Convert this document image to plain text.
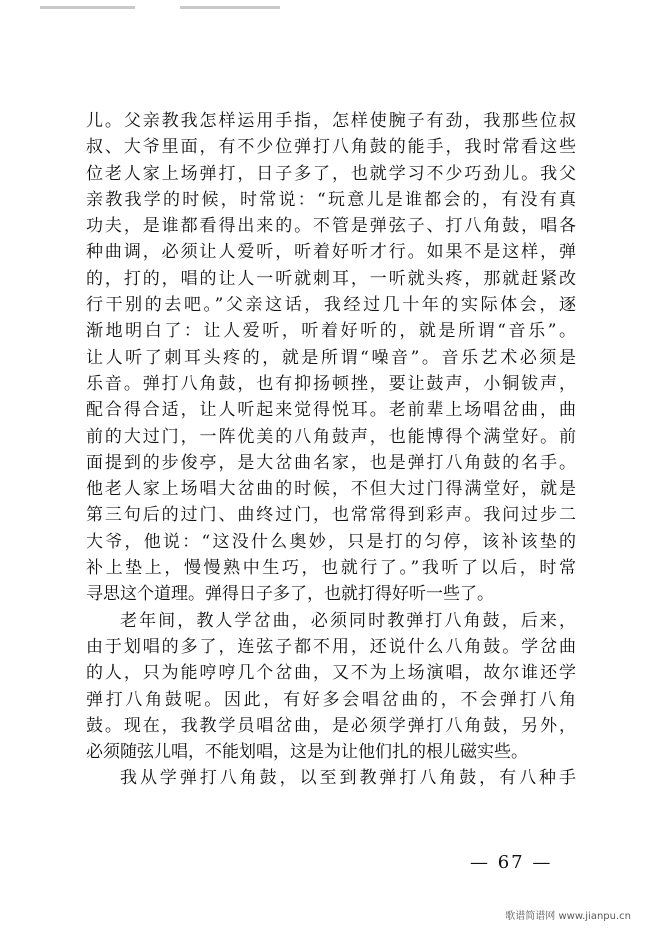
儿。父亲教我怎样运用手指，怎样使腕子有劲，我那些位叔
叔、大爷里面，有不少位弹打八角鼓的能手，我时常看这些
位老人家上场弹打，日子多了，也就学习不少巧劲儿。我父
亲教我学的时候，时常说：“玩意儿是谁都会的，有没有真
功夫，是谁都看得出来的。不管是弹弦子、打八角鼓，唱各
种曲调，必须让人爱听，听着好听才行。如果不是这样，弹
的，打的，唱的让人一听就刺耳，一听就头疼，那就赶紧改
行干别的去吧。”父亲这话，我经过几十年的实际体会，逐
渐地明白了：让人爱听，听着好听的，就是所谓“音乐”。
让人听了刺耳头疼的，就是所谓“噪音”。音乐艺术必须是
乐音。弹打八角鼓，也有抑扬顿挫，要让鼓声，小铜钹声，
配合得合适，让人听起来觉得悦耳。老前辈上场唱岔曲，曲
前的大过门，一阵优美的八角鼓声，也能博得个满堂好。前
面提到的步俊亭，是大岔曲名家，也是弹打八角鼓的名手。
他老人家上场唱大岔曲的时候，不但大过门得满堂好，就是
第三句后的过门、曲终过门，也常常得到彩声。我问过步二
大爷，他说：“这没什么奥妙，只是打的匀停，该补该垫的
补上垫上，慢慢熟中生巧，也就行了。”我听了以后，时常
寻思这个道理。弹得日子多了，也就打得好听一些了。
老年间，教人学岔曲，必须同时教弹打八角鼓，后来，
由于划唱的多了，连弦子都不用，还说什么八角鼓。学岔曲
的人，只为能哼哼几个岔曲，又不为上场演唱，故尔谁还学
弹打八角鼓呢。因此，有好多会唱岔曲的，不会弹打八角
鼓。现在，我教学员唱岔曲，是必须学弹打八角鼓，另外，
必须随弦儿唱，不能划唱，这是为让他们扎的根儿磁实些。
我从学弹打八角鼓，以至到教弹打八角鼓，有八种手
— 67 —
歌谱简谱网 www.jianpu.cn
